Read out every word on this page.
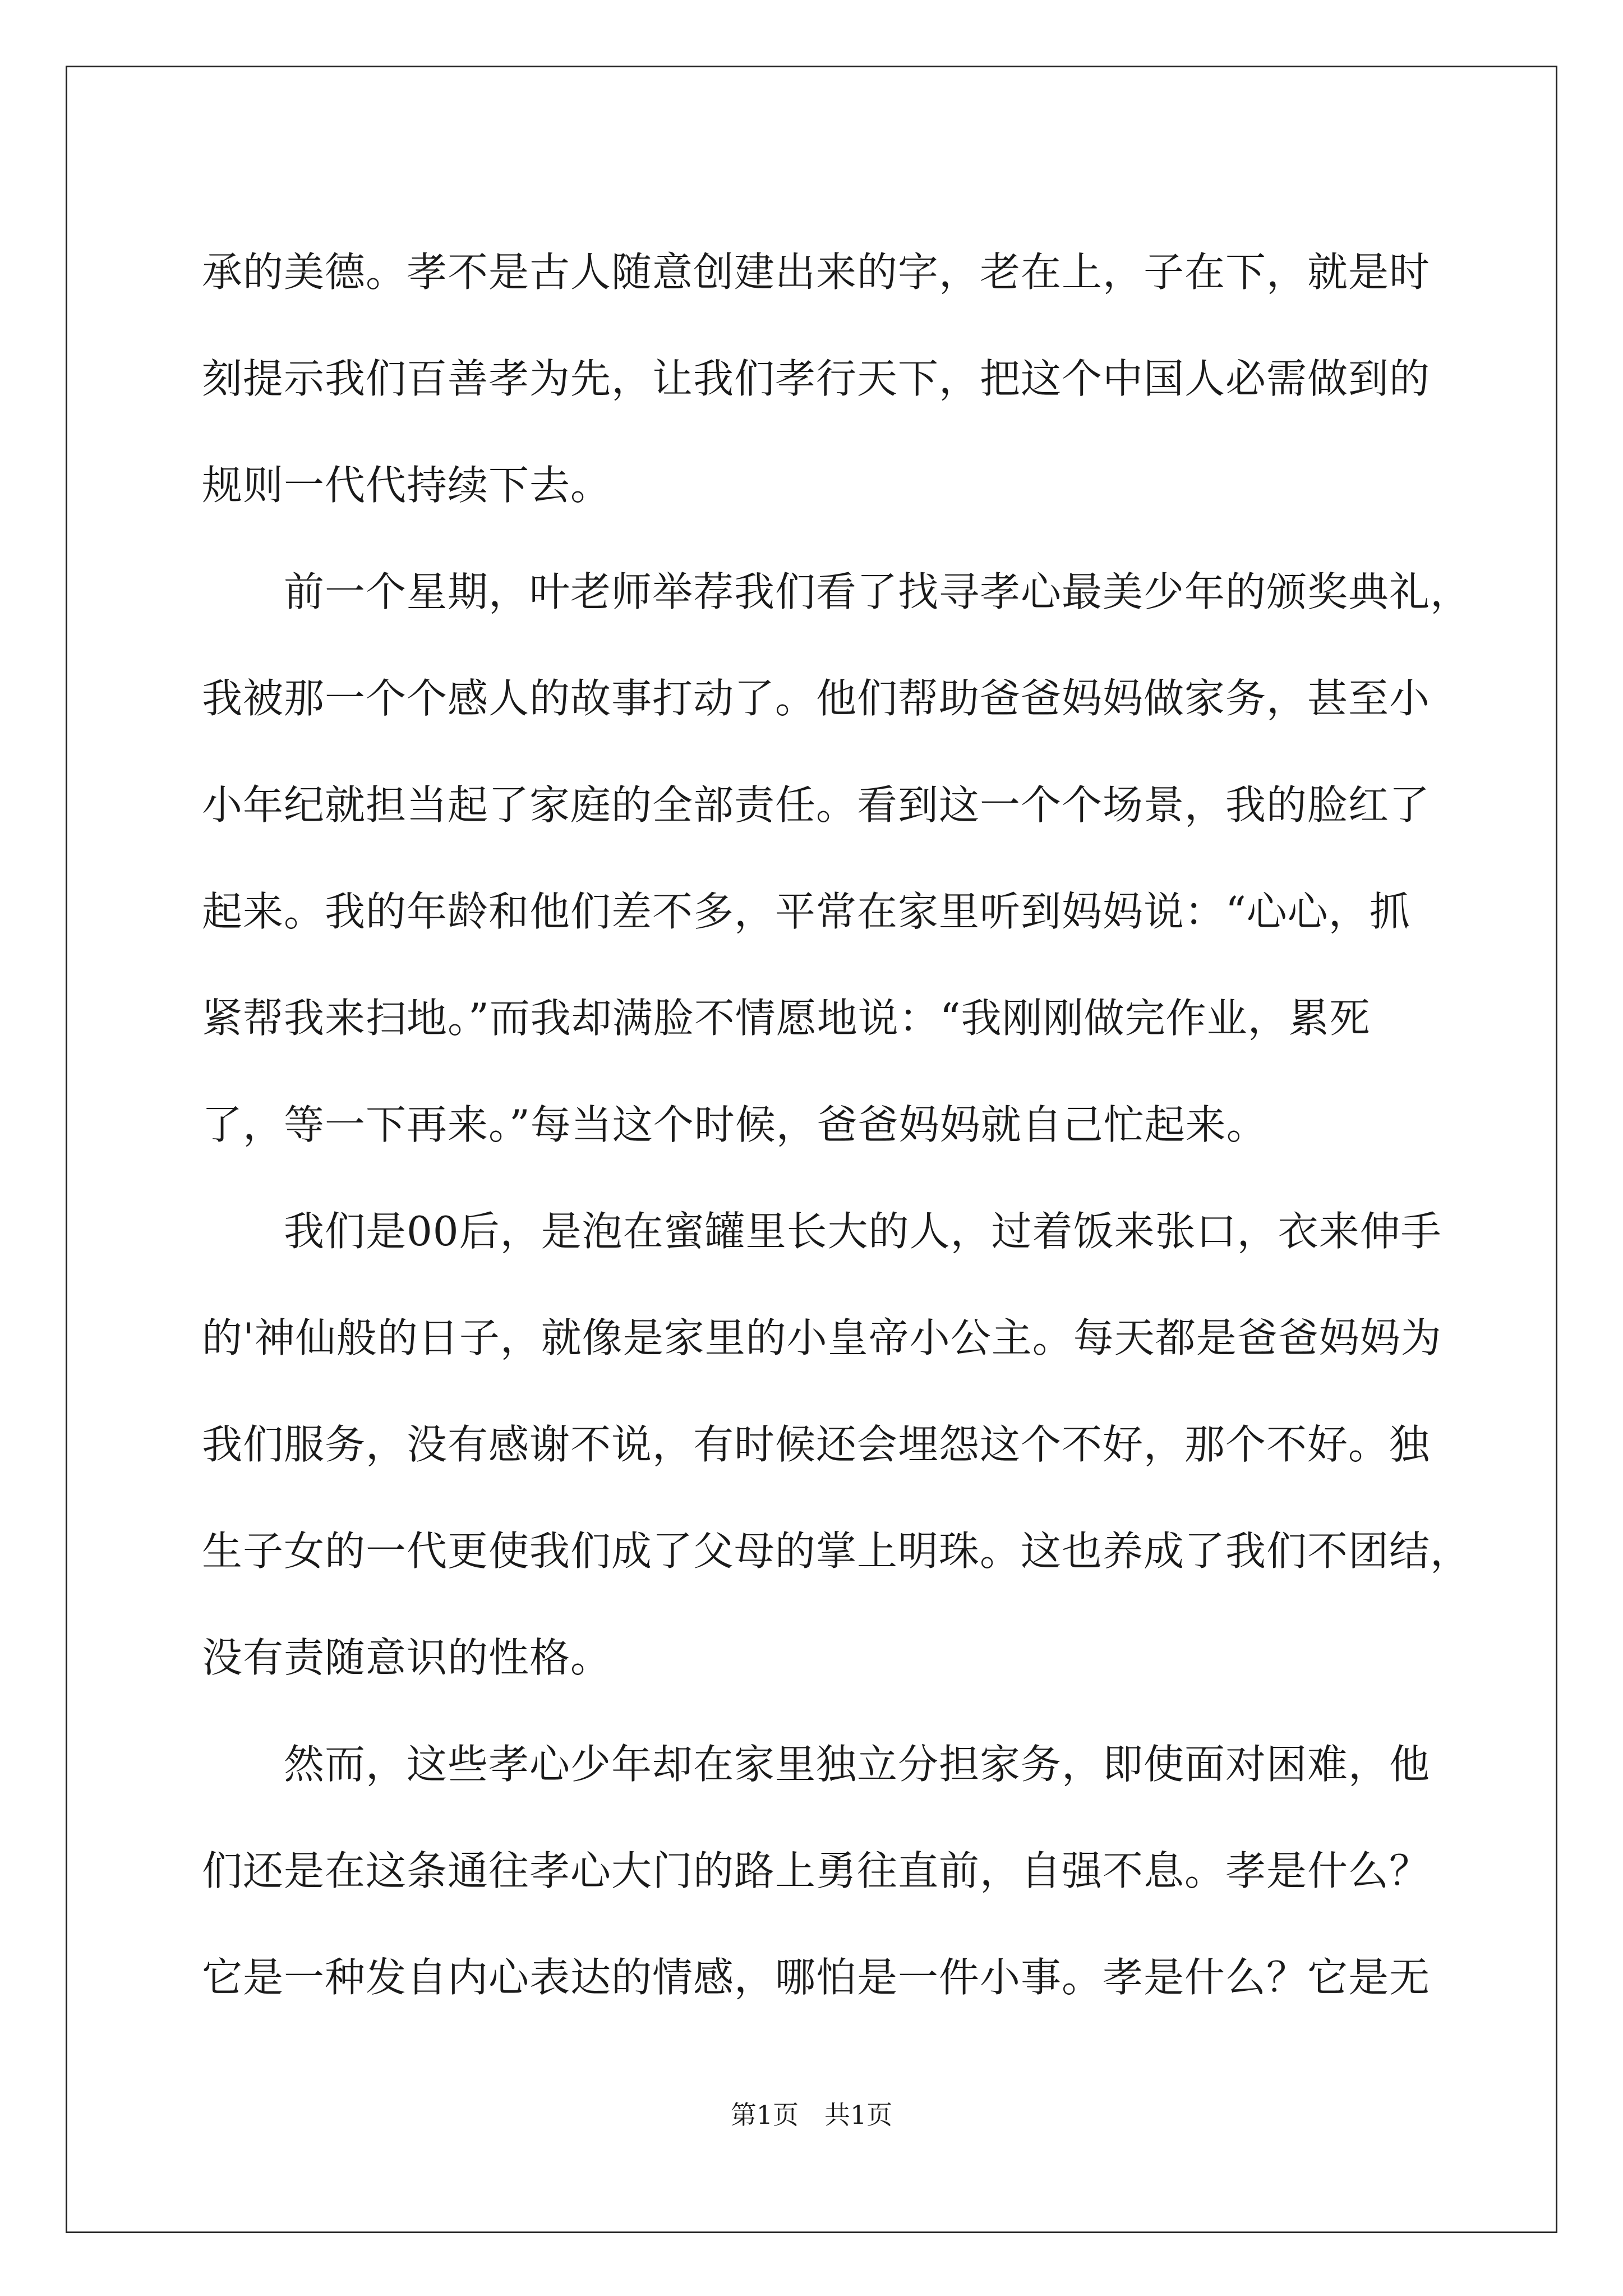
承的美德。孝不是古人随意创建出来的字，老在上，子在下，就是时
刻提示我们百善孝为先，让我们孝行天下，把这个中国人必需做到的
规则一代代持续下去。
　　前一个星期，叶老师举荐我们看了找寻孝心最美少年的颁奖典礼，
我被那一个个感人的故事打动了。他们帮助爸爸妈妈做家务，甚至小
小年纪就担当起了家庭的全部责任。看到这一个个场景，我的脸红了
起来。我的年龄和他们差不多，平常在家里听到妈妈说：“心心，抓
紧帮我来扫地。”而我却满脸不情愿地说：“我刚刚做完作业，累死
了，等一下再来。”每当这个时候，爸爸妈妈就自己忙起来。
　　我们是00后，是泡在蜜罐里长大的人，过着饭来张口，衣来伸手
的'神仙般的日子，就像是家里的小皇帝小公主。每天都是爸爸妈妈为
我们服务，没有感谢不说，有时候还会埋怨这个不好，那个不好。独
生子女的一代更使我们成了父母的掌上明珠。这也养成了我们不团结，
没有责随意识的性格。
　　然而，这些孝心少年却在家里独立分担家务，即使面对困难，他
们还是在这条通往孝心大门的路上勇往直前，自强不息。孝是什么？
它是一种发自内心表达的情感，哪怕是一件小事。孝是什么？它是无
第1页　共1页
